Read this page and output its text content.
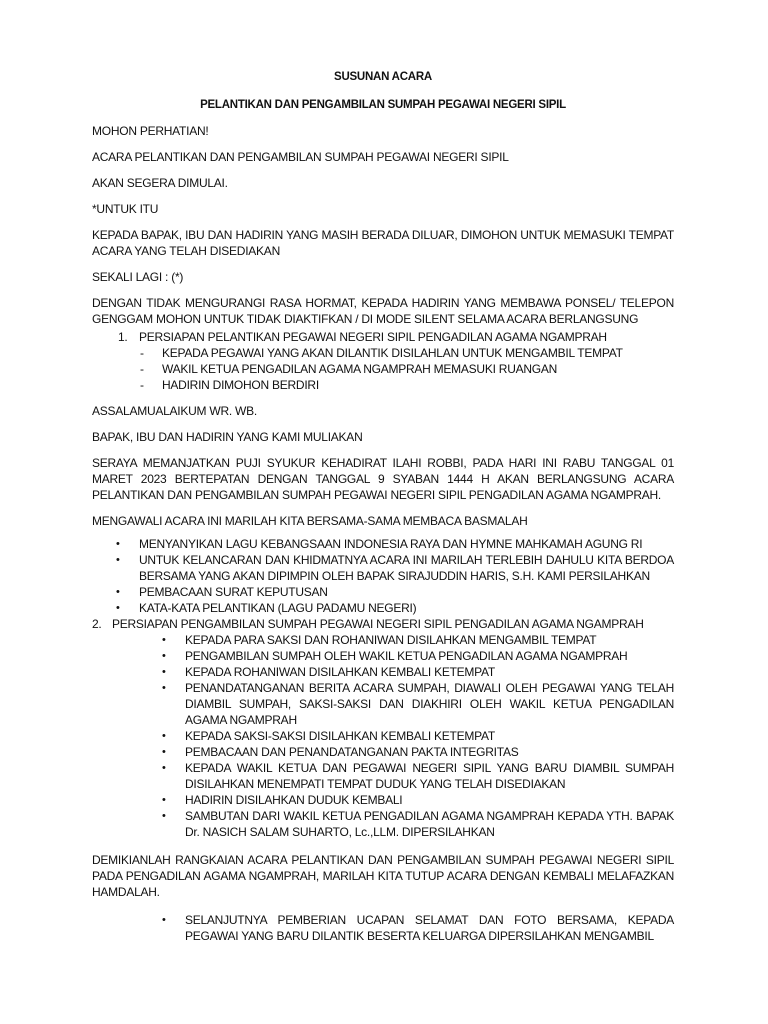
SUSUNAN ACARA
PELANTIKAN DAN PENGAMBILAN SUMPAH PEGAWAI NEGERI SIPIL

MOHON PERHATIAN!

ACARA PELANTIKAN DAN PENGAMBILAN SUMPAH PEGAWAI NEGERI SIPIL

AKAN SEGERA DIMULAI.

*UNTUK ITU

KEPADA BAPAK, IBU DAN HADIRIN YANG MASIH BERADA DILUAR, DIMOHON UNTUK MEMASUKI TEMPAT ACARA YANG TELAH DISEDIAKAN

SEKALI LAGI : (*)

DENGAN TIDAK MENGURANGI RASA HORMAT, KEPADA HADIRIN YANG MEMBAWA PONSEL/ TELEPON GENGGAM MOHON UNTUK TIDAK DIAKTIFKAN / DI MODE SILENT SELAMA ACARA BERLANGSUNG

1. PERSIAPAN PELANTIKAN PEGAWAI NEGERI SIPIL PENGADILAN AGAMA NGAMPRAH
- KEPADA PEGAWAI YANG AKAN DILANTIK DISILAHLAN UNTUK MENGAMBIL TEMPAT
- WAKIL KETUA PENGADILAN AGAMA NGAMPRAH MEMASUKI RUANGAN
- HADIRIN DIMOHON BERDIRI

ASSALAMUALAIKUM WR. WB.

BAPAK, IBU DAN HADIRIN YANG KAMI MULIAKAN

SERAYA MEMANJATKAN PUJI SYUKUR KEHADIRAT ILAHI ROBBI, PADA HARI INI RABU TANGGAL 01 MARET 2023 BERTEPATAN DENGAN TANGGAL 9 SYABAN 1444 H AKAN BERLANGSUNG ACARA PELANTIKAN DAN PENGAMBILAN SUMPAH PEGAWAI NEGERI SIPIL PENGADILAN AGAMA NGAMPRAH.

MENGAWALI ACARA INI MARILAH KITA BERSAMA-SAMA MEMBACA BASMALAH

• MENYANYIKAN LAGU KEBANGSAAN INDONESIA RAYA DAN HYMNE MAHKAMAH AGUNG RI
• UNTUK KELANCARAN DAN KHIDMATNYA ACARA INI MARILAH TERLEBIH DAHULU KITA BERDOA BERSAMA YANG AKAN DIPIMPIN OLEH BAPAK SIRAJUDDIN HARIS, S.H. KAMI PERSILAHKAN
• PEMBACAAN SURAT KEPUTUSAN
• KATA-KATA PELANTIKAN (LAGU PADAMU NEGERI)
2. PERSIAPAN PENGAMBILAN SUMPAH PEGAWAI NEGERI SIPIL PENGADILAN AGAMA NGAMPRAH
• KEPADA PARA SAKSI DAN ROHANIWAN DISILAHKAN MENGAMBIL TEMPAT
• PENGAMBILAN SUMPAH OLEH WAKIL KETUA PENGADILAN AGAMA NGAMPRAH
• KEPADA ROHANIWAN DISILAHKAN KEMBALI KETEMPAT
• PENANDATANGANAN BERITA ACARA SUMPAH, DIAWALI OLEH PEGAWAI YANG TELAH DIAMBIL SUMPAH, SAKSI-SAKSI DAN DIAKHIRI OLEH WAKIL KETUA PENGADILAN AGAMA NGAMPRAH
• KEPADA SAKSI-SAKSI DISILAHKAN KEMBALI KETEMPAT
• PEMBACAAN DAN PENANDATANGANAN PAKTA INTEGRITAS
• KEPADA WAKIL KETUA DAN PEGAWAI NEGERI SIPIL YANG BARU DIAMBIL SUMPAH DISILAHKAN MENEMPATI TEMPAT DUDUK YANG TELAH DISEDIAKAN
• HADIRIN DISILAHKAN DUDUK KEMBALI
• SAMBUTAN DARI WAKIL KETUA PENGADILAN AGAMA NGAMPRAH KEPADA YTH. BAPAK Dr. NASICH SALAM SUHARTO, Lc.,LLM. DIPERSILAHKAN

DEMIKIANLAH RANGKAIAN ACARA PELANTIKAN DAN PENGAMBILAN SUMPAH PEGAWAI NEGERI SIPIL PADA PENGADILAN AGAMA NGAMPRAH, MARILAH KITA TUTUP ACARA DENGAN KEMBALI MELAFAZKAN HAMDALAH.

• SELANJUTNYA PEMBERIAN UCAPAN SELAMAT DAN FOTO BERSAMA, KEPADA PEGAWAI YANG BARU DILANTIK BESERTA KELUARGA DIPERSILAHKAN MENGAMBIL
